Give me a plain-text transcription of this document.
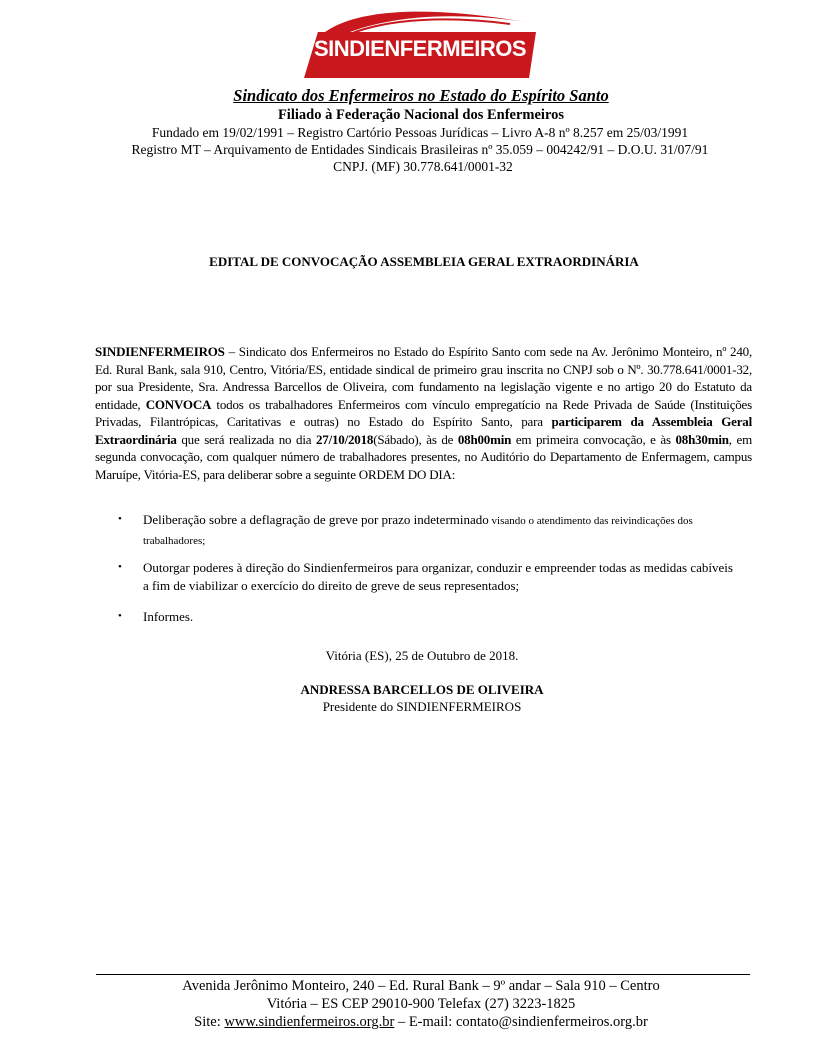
SINDIENFERMEIROS
Sindicato dos Enfermeiros no Estado do Espírito Santo
Filiado à Federação Nacional dos Enfermeiros
Fundado em 19/02/1991 – Registro Cartório Pessoas Jurídicas – Livro A-8 nº 8.257 em 25/03/1991
Registro MT – Arquivamento de Entidades Sindicais Brasileiras nº 35.059 – 004242/91 – D.O.U. 31/07/91
CNPJ. (MF) 30.778.641/0001-32
EDITAL DE CONVOCAÇÃO ASSEMBLEIA GERAL EXTRAORDINÁRIA
SINDIENFERMEIROS – Sindicato dos Enfermeiros no Estado do Espírito Santo com sede na Av. Jerônimo Monteiro, nº 240, Ed. Rural Bank, sala 910, Centro, Vitória/ES, entidade sindical de primeiro grau inscrita no CNPJ sob o Nº. 30.778.641/0001-32, por sua Presidente, Sra. Andressa Barcellos de Oliveira, com fundamento na legislação vigente e no artigo 20 do Estatuto da entidade, CONVOCA todos os trabalhadores Enfermeiros com vínculo empregatício na Rede Privada de Saúde (Instituições Privadas, Filantrópicas, Caritativas e outras) no Estado do Espírito Santo, para participarem da Assembleia Geral Extraordinária que será realizada no dia 27/10/2018(Sábado), às de 08h00min em primeira convocação, e às 08h30min, em segunda convocação, com qualquer número de trabalhadores presentes, no Auditório do Departamento de Enfermagem, campus Maruípe, Vitória-ES, para deliberar sobre a seguinte ORDEM DO DIA:
• Deliberação sobre a deflagração de greve por prazo indeterminado visando o atendimento das reivindicações dos trabalhadores;
• Outorgar poderes à direção do Sindienfermeiros para organizar, conduzir e empreender todas as medidas cabíveis a fim de viabilizar o exercício do direito de greve de seus representados;
• Informes.
Vitória (ES), 25 de Outubro de 2018.
ANDRESSA BARCELLOS DE OLIVEIRA
Presidente do SINDIENFERMEIROS
Avenida Jerônimo Monteiro, 240 – Ed. Rural Bank – 9º andar – Sala 910 – Centro
Vitória – ES CEP 29010-900 Telefax (27) 3223-1825
Site: www.sindienfermeiros.org.br – E-mail: contato@sindienfermeiros.org.br
